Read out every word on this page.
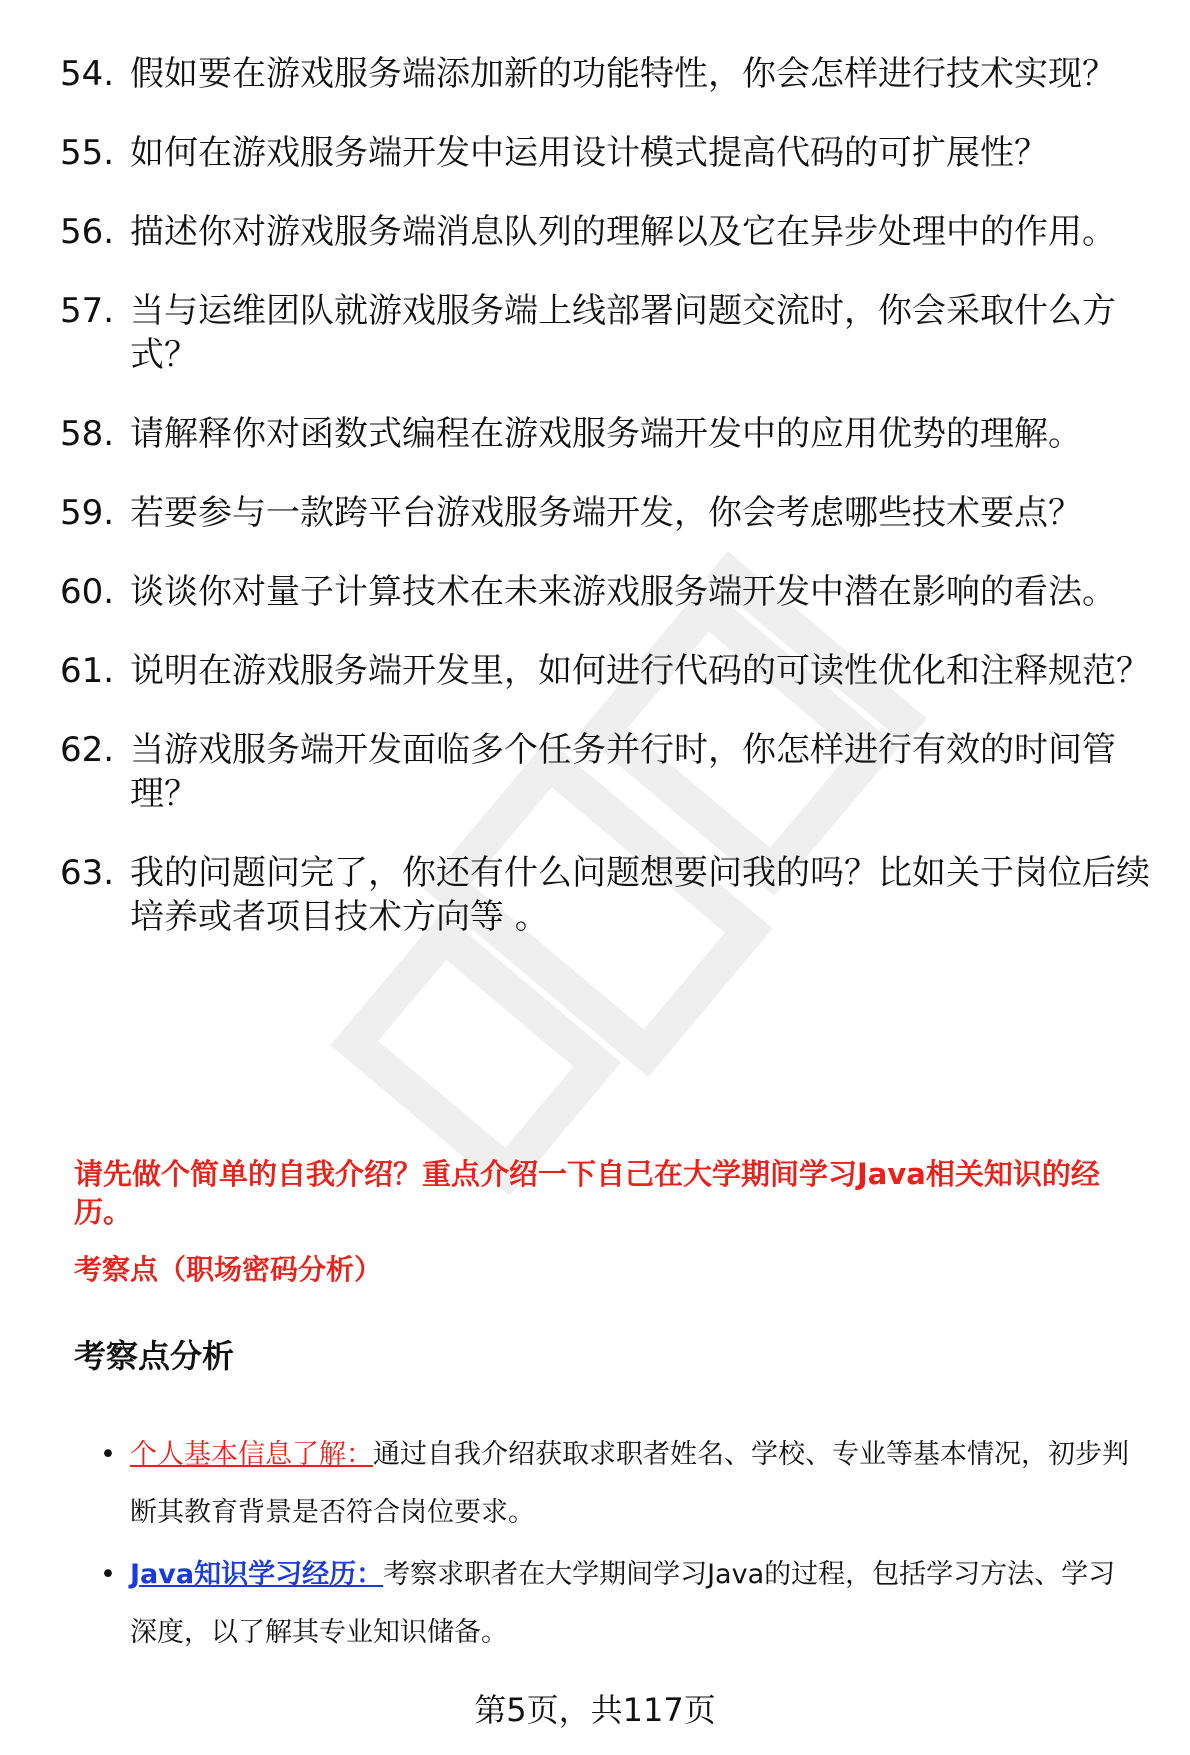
54. 假如要在游戏服务端添加新的功能特性，你会怎样进行技术实现？
55. 如何在游戏服务端开发中运用设计模式提高代码的可扩展性？
56. 描述你对游戏服务端消息队列的理解以及它在异步处理中的作用。
57. 当与运维团队就游戏服务端上线部署问题交流时，你会采取什么方式？
58. 请解释你对函数式编程在游戏服务端开发中的应用优势的理解。
59. 若要参与一款跨平台游戏服务端开发，你会考虑哪些技术要点？
60. 谈谈你对量子计算技术在未来游戏服务端开发中潜在影响的看法。
61. 说明在游戏服务端开发里，如何进行代码的可读性优化和注释规范？
62. 当游戏服务端开发面临多个任务并行时，你怎样进行有效的时间管理？
63. 我的问题问完了，你还有什么问题想要问我的吗？比如关于岗位后续培养或者项目技术方向等 。
请先做个简单的自我介绍？重点介绍一下自己在大学期间学习Java相关知识的经历。
考察点（职场密码分析）
考察点分析
• 个人基本信息了解：通过自我介绍获取求职者姓名、学校、专业等基本情况，初步判断其教育背景是否符合岗位要求。
• Java知识学习经历：考察求职者在大学期间学习Java的过程，包括学习方法、学习深度，以了解其专业知识储备。
第5页，共117页
